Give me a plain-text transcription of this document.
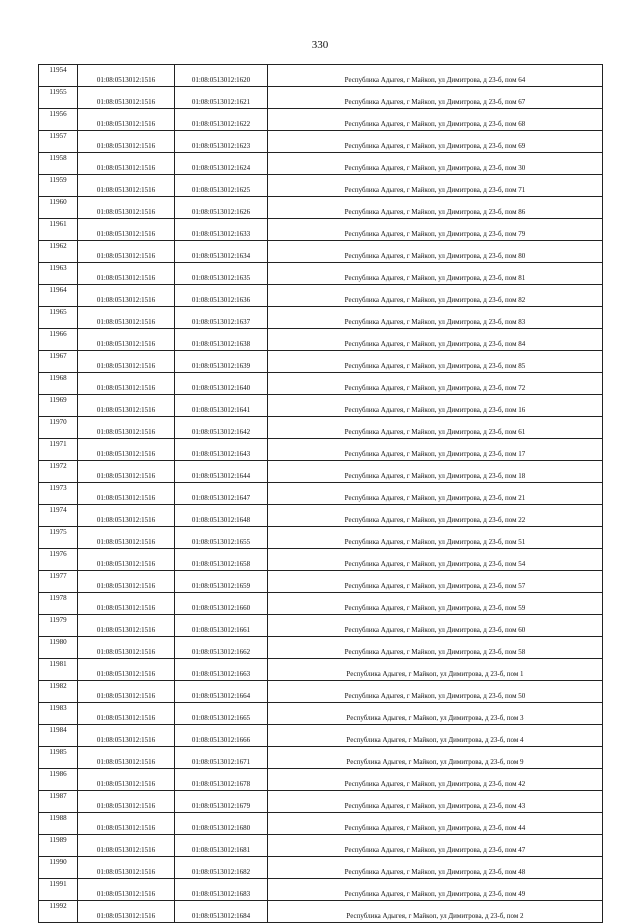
330
11954	01:08:0513012:1516	01:08:0513012:1620	Республика Адыгея, г Майкоп, ул Димитрова, д 23-б, пом 64
11955	01:08:0513012:1516	01:08:0513012:1621	Республика Адыгея, г Майкоп, ул Димитрова, д 23-б, пом 67
11956	01:08:0513012:1516	01:08:0513012:1622	Республика Адыгея, г Майкоп, ул Димитрова, д 23-б, пом 68
11957	01:08:0513012:1516	01:08:0513012:1623	Республика Адыгея, г Майкоп, ул Димитрова, д 23-б, пом 69
11958	01:08:0513012:1516	01:08:0513012:1624	Республика Адыгея, г Майкоп, ул Димитрова, д 23-б, пом 30
11959	01:08:0513012:1516	01:08:0513012:1625	Республика Адыгея, г Майкоп, ул Димитрова, д 23-б, пом 71
11960	01:08:0513012:1516	01:08:0513012:1626	Республика Адыгея, г Майкоп, ул Димитрова, д 23-б, пом 86
11961	01:08:0513012:1516	01:08:0513012:1633	Республика Адыгея, г Майкоп, ул Димитрова, д 23-б, пом 79
11962	01:08:0513012:1516	01:08:0513012:1634	Республика Адыгея, г Майкоп, ул Димитрова, д 23-б, пом 80
11963	01:08:0513012:1516	01:08:0513012:1635	Республика Адыгея, г Майкоп, ул Димитрова, д 23-б, пом 81
11964	01:08:0513012:1516	01:08:0513012:1636	Республика Адыгея, г Майкоп, ул Димитрова, д 23-б, пом 82
11965	01:08:0513012:1516	01:08:0513012:1637	Республика Адыгея, г Майкоп, ул Димитрова, д 23-б, пом 83
11966	01:08:0513012:1516	01:08:0513012:1638	Республика Адыгея, г Майкоп, ул Димитрова, д 23-б, пом 84
11967	01:08:0513012:1516	01:08:0513012:1639	Республика Адыгея, г Майкоп, ул Димитрова, д 23-б, пом 85
11968	01:08:0513012:1516	01:08:0513012:1640	Республика Адыгея, г Майкоп, ул Димитрова, д 23-б, пом 72
11969	01:08:0513012:1516	01:08:0513012:1641	Республика Адыгея, г Майкоп, ул Димитрова, д 23-б, пом 16
11970	01:08:0513012:1516	01:08:0513012:1642	Республика Адыгея, г Майкоп, ул Димитрова, д 23-б, пом 61
11971	01:08:0513012:1516	01:08:0513012:1643	Республика Адыгея, г Майкоп, ул Димитрова, д 23-б, пом 17
11972	01:08:0513012:1516	01:08:0513012:1644	Республика Адыгея, г Майкоп, ул Димитрова, д 23-б, пом 18
11973	01:08:0513012:1516	01:08:0513012:1647	Республика Адыгея, г Майкоп, ул Димитрова, д 23-б, пом 21
11974	01:08:0513012:1516	01:08:0513012:1648	Республика Адыгея, г Майкоп, ул Димитрова, д 23-б, пом 22
11975	01:08:0513012:1516	01:08:0513012:1655	Республика Адыгея, г Майкоп, ул Димитрова, д 23-б, пом 51
11976	01:08:0513012:1516	01:08:0513012:1658	Республика Адыгея, г Майкоп, ул Димитрова, д 23-б, пом 54
11977	01:08:0513012:1516	01:08:0513012:1659	Республика Адыгея, г Майкоп, ул Димитрова, д 23-б, пом 57
11978	01:08:0513012:1516	01:08:0513012:1660	Республика Адыгея, г Майкоп, ул Димитрова, д 23-б, пом 59
11979	01:08:0513012:1516	01:08:0513012:1661	Республика Адыгея, г Майкоп, ул Димитрова, д 23-б, пом 60
11980	01:08:0513012:1516	01:08:0513012:1662	Республика Адыгея, г Майкоп, ул Димитрова, д 23-б, пом 58
11981	01:08:0513012:1516	01:08:0513012:1663	Республика Адыгея, г Майкоп, ул Димитрова, д 23-б, пом 1
11982	01:08:0513012:1516	01:08:0513012:1664	Республика Адыгея, г Майкоп, ул Димитрова, д 23-б, пом 50
11983	01:08:0513012:1516	01:08:0513012:1665	Республика Адыгея, г Майкоп, ул Димитрова, д 23-б, пом 3
11984	01:08:0513012:1516	01:08:0513012:1666	Республика Адыгея, г Майкоп, ул Димитрова, д 23-б, пом 4
11985	01:08:0513012:1516	01:08:0513012:1671	Республика Адыгея, г Майкоп, ул Димитрова, д 23-б, пом 9
11986	01:08:0513012:1516	01:08:0513012:1678	Республика Адыгея, г Майкоп, ул Димитрова, д 23-б, пом 42
11987	01:08:0513012:1516	01:08:0513012:1679	Республика Адыгея, г Майкоп, ул Димитрова, д 23-б, пом 43
11988	01:08:0513012:1516	01:08:0513012:1680	Республика Адыгея, г Майкоп, ул Димитрова, д 23-б, пом 44
11989	01:08:0513012:1516	01:08:0513012:1681	Республика Адыгея, г Майкоп, ул Димитрова, д 23-б, пом 47
11990	01:08:0513012:1516	01:08:0513012:1682	Республика Адыгея, г Майкоп, ул Димитрова, д 23-б, пом 48
11991	01:08:0513012:1516	01:08:0513012:1683	Республика Адыгея, г Майкоп, ул Димитрова, д 23-б, пом 49
11992	01:08:0513012:1516	01:08:0513012:1684	Республика Адыгея, г Майкоп, ул Димитрова, д 23-б, пом 2
